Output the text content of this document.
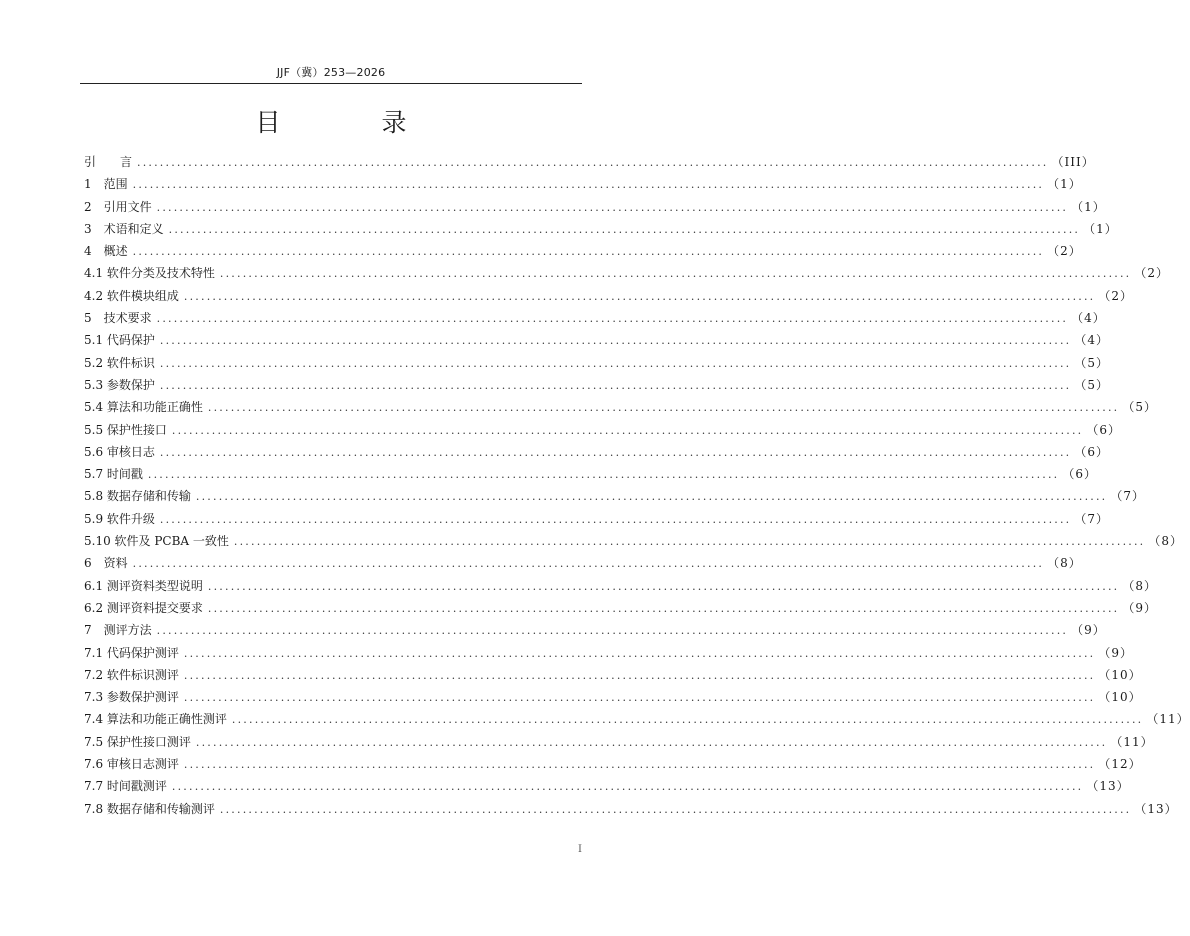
JJF（冀）253—2026
目　录
引　　言 ................................................................................................................................................................ （III）
1　范围 ................................................................................................................................................................ （1）
2　引用文件 ................................................................................................................................................................ （1）
3　术语和定义 ................................................................................................................................................................ （1）
4　概述 ................................................................................................................................................................ （2）
4.1 软件分类及技术特性 ................................................................................................................................................................ （2）
4.2 软件模块组成 ................................................................................................................................................................ （2）
5　技术要求 ................................................................................................................................................................ （4）
5.1 代码保护 ................................................................................................................................................................ （4）
5.2 软件标识 ................................................................................................................................................................ （5）
5.3 参数保护 ................................................................................................................................................................ （5）
5.4 算法和功能正确性 ................................................................................................................................................................ （5）
5.5 保护性接口 ................................................................................................................................................................ （6）
5.6 审核日志 ................................................................................................................................................................ （6）
5.7 时间戳 ................................................................................................................................................................ （6）
5.8 数据存储和传输 ................................................................................................................................................................ （7）
5.9 软件升级 ................................................................................................................................................................ （7）
5.10 软件及 PCBA 一致性 ................................................................................................................................................................ （8）
6　资料 ................................................................................................................................................................ （8）
6.1 测评资料类型说明 ................................................................................................................................................................ （8）
6.2 测评资料提交要求 ................................................................................................................................................................ （9）
7　测评方法 ................................................................................................................................................................ （9）
7.1 代码保护测评 ................................................................................................................................................................ （9）
7.2 软件标识测评 ................................................................................................................................................................ （10）
7.3 参数保护测评 ................................................................................................................................................................ （10）
7.4 算法和功能正确性测评 ................................................................................................................................................................ （11）
7.5 保护性接口测评 ................................................................................................................................................................ （11）
7.6 审核日志测评 ................................................................................................................................................................ （12）
7.7 时间戳测评 ................................................................................................................................................................ （13）
7.8 数据存储和传输测评 ................................................................................................................................................................ （13）
I
